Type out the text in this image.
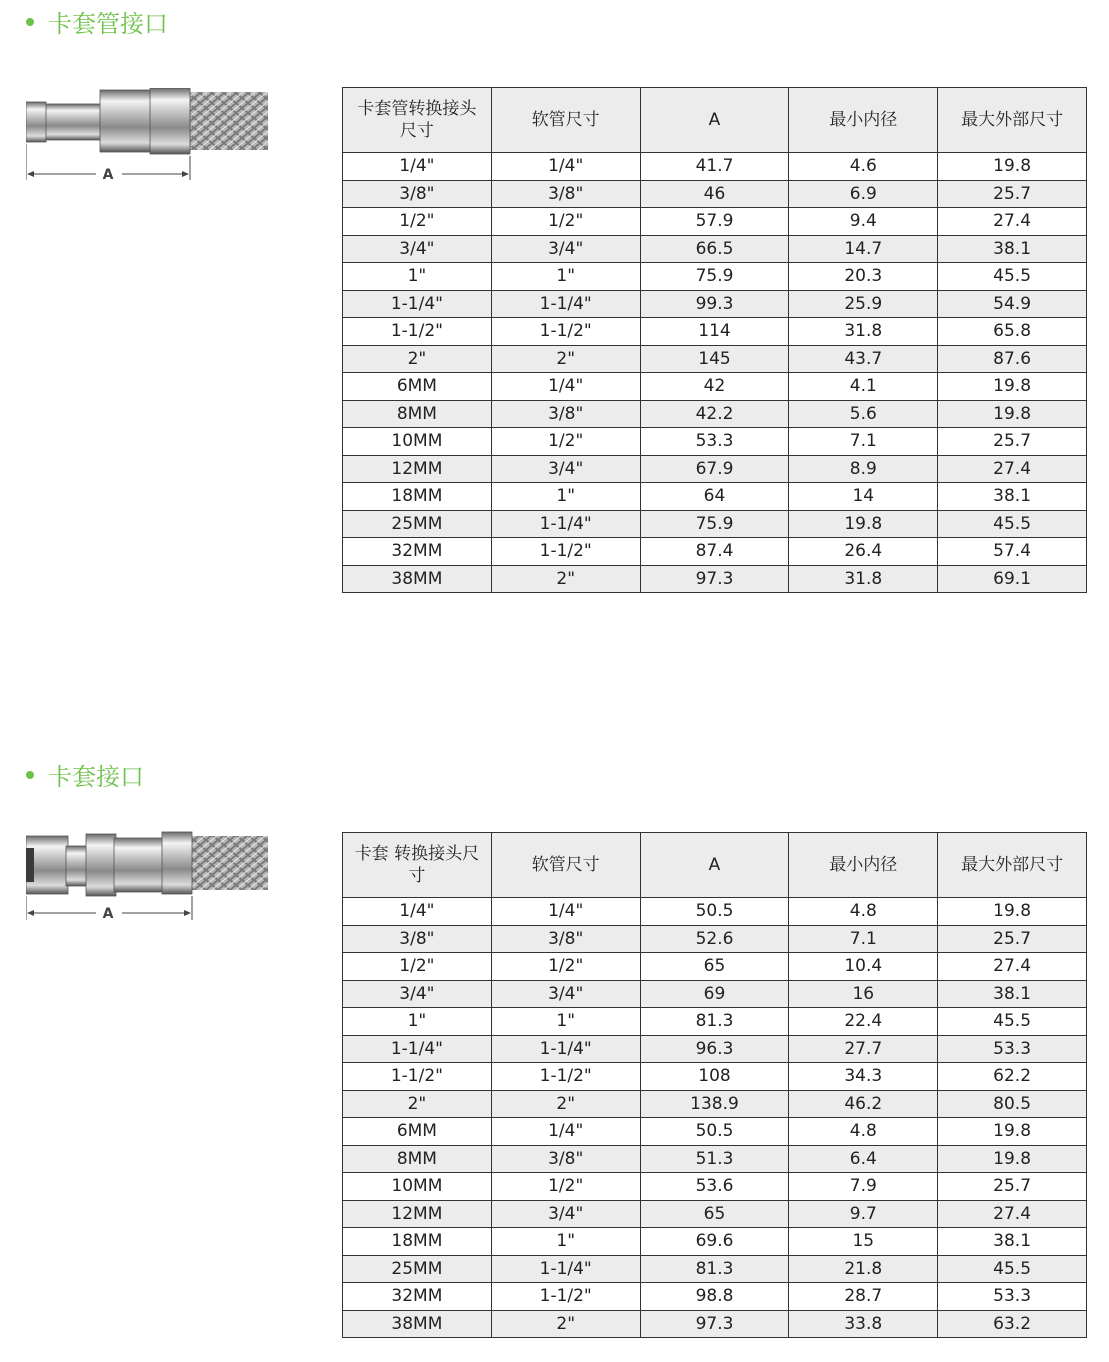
卡套管接口
A
卡套管转换接头尺寸	软管尺寸	A	最小内径	最大外部尺寸
1/4"	1/4"	41.7	4.6	19.8
3/8"	3/8"	46	6.9	25.7
1/2"	1/2"	57.9	9.4	27.4
3/4"	3/4"	66.5	14.7	38.1
1"	1"	75.9	20.3	45.5
1-1/4"	1-1/4"	99.3	25.9	54.9
1-1/2"	1-1/2"	114	31.8	65.8
2"	2"	145	43.7	87.6
6MM	1/4"	42	4.1	19.8
8MM	3/8"	42.2	5.6	19.8
10MM	1/2"	53.3	7.1	25.7
12MM	3/4"	67.9	8.9	27.4
18MM	1"	64	14	38.1
25MM	1-1/4"	75.9	19.8	45.5
32MM	1-1/2"	87.4	26.4	57.4
38MM	2"	97.3	31.8	69.1
卡套接口
A
卡套 转换接头尺寸	软管尺寸	A	最小内径	最大外部尺寸
1/4"	1/4"	50.5	4.8	19.8
3/8"	3/8"	52.6	7.1	25.7
1/2"	1/2"	65	10.4	27.4
3/4"	3/4"	69	16	38.1
1"	1"	81.3	22.4	45.5
1-1/4"	1-1/4"	96.3	27.7	53.3
1-1/2"	1-1/2"	108	34.3	62.2
2"	2"	138.9	46.2	80.5
6MM	1/4"	50.5	4.8	19.8
8MM	3/8"	51.3	6.4	19.8
10MM	1/2"	53.6	7.9	25.7
12MM	3/4"	65	9.7	27.4
18MM	1"	69.6	15	38.1
25MM	1-1/4"	81.3	21.8	45.5
32MM	1-1/2"	98.8	28.7	53.3
38MM	2"	97.3	33.8	63.2
